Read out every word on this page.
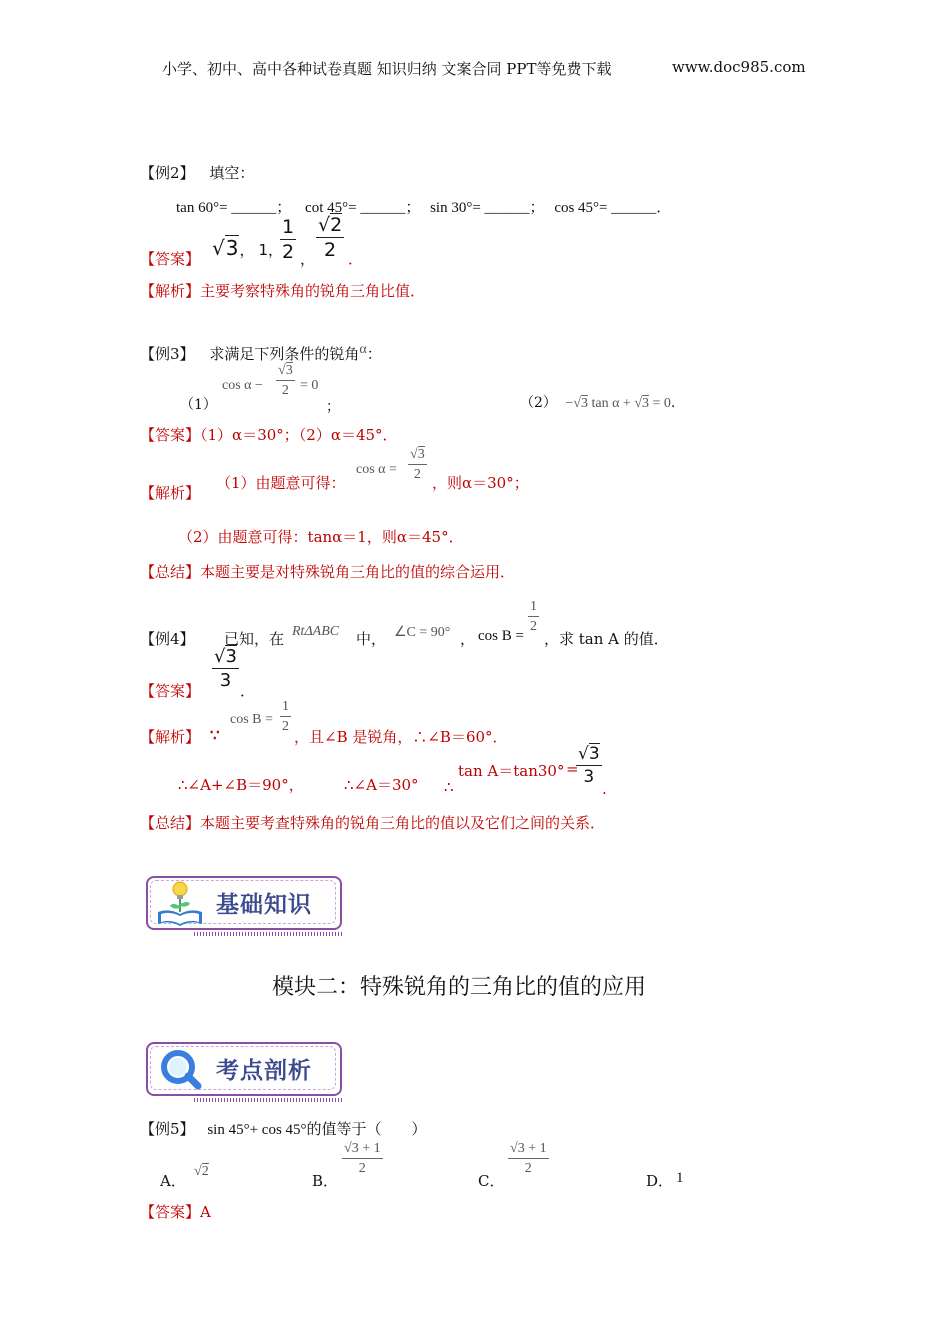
小学、初中、高中各种试卷真题 知识归纳 文案合同 PPT等免费下载	www.doc985.com
【例2】 填空：
tan 60°= ______； cot 45°= ______； sin 30°= ______； cos 45°= ______．
【答案】 √3， 1，
$\frac{1}{2}$ ， $\frac{√2}{2}$ ．
【解析】主要考察特殊角的锐角三角比值．
【例3】 求满足下列条件的锐角α：
（1）
$\cos \alpha - \frac{√3}{2} = 0$
；	（2） −√3 tan α + √3 = 0.
【答案】（1）α＝30°；（2）α＝45°．
【解析】
（1）由题意可得：
$\cos \alpha = \frac{√3}{2}$
，则α＝30°；
（2）由题意可得：tanα＝1，则α＝45°．
【总结】本题主要是对特殊锐角三角比的值的综合运用．
【例4】 已知，在 RtΔABC 中， ∠C = 90° ， cos B =
$\frac{1}{2}$
，求 tan A 的值．
【答案】
$\frac{√3}{3}$
．
【解析】 ∵
$\cos B = \frac{1}{2}$
，且∠B 是锐角，∴∠B＝60°．
∴∠A+∠B＝90°，	∴∠A＝30° ∴
tan A＝tan30° =
$\frac{√3}{3}$
.
【总结】本题主要考查特殊角的锐角三角比的值以及它们之间的关系．
基础知识
模块二：特殊锐角的三角比的值的应用
考点剖析
【例5】 sin 45°+ cos 45°的值等于（　　）
A．
√2
B．
$\frac{√3 + 1}{2}$
C．
$\frac{√3 + 1}{2}$
D． 1
【答案】A
